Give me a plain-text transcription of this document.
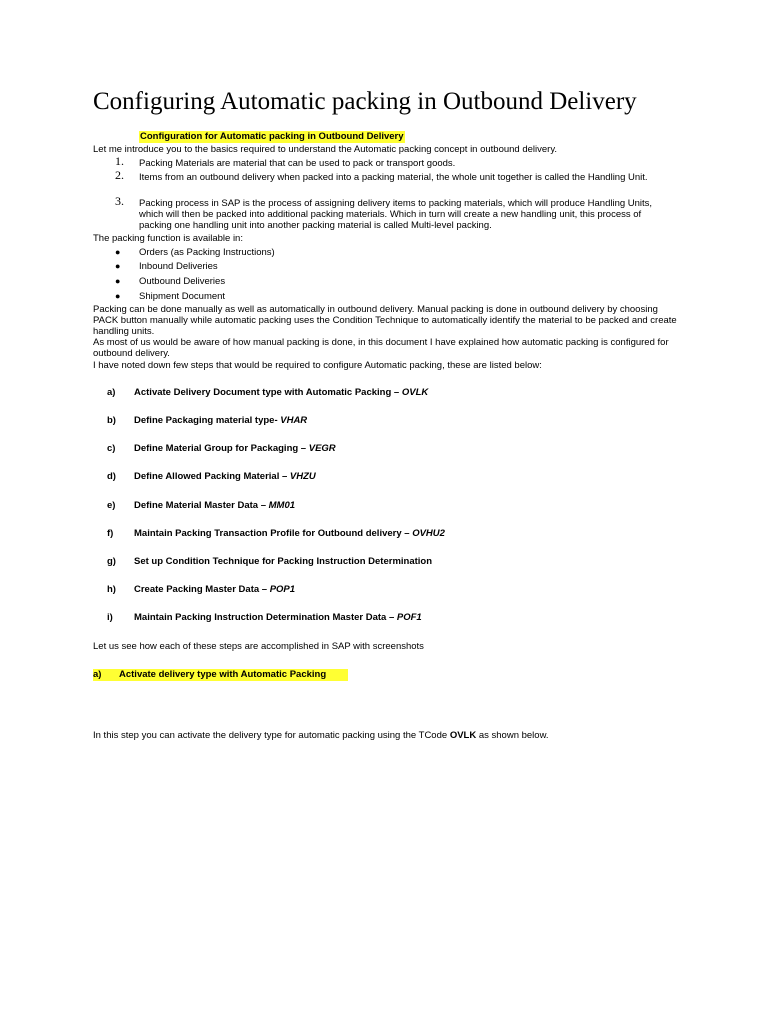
Configuring Automatic packing in Outbound Delivery
Configuration for Automatic packing in Outbound Delivery
Let me introduce you to the basics required to understand the Automatic packing concept in outbound delivery.
1. Packing Materials are material that can be used to pack or transport goods.
2. Items from an outbound delivery when packed into a packing material, the whole unit together is called the Handling Unit.
3. Packing process in SAP is the process of assigning delivery items to packing materials, which will produce Handling Units, which will then be packed into additional packing materials. Which in turn will create a new handling unit, this process of packing one handling unit into another packing material is called Multi-level packing.
The packing function is available in:
● Orders (as Packing Instructions)
● Inbound Deliveries
● Outbound Deliveries
● Shipment Document
Packing can be done manually as well as automatically in outbound delivery. Manual packing is done in outbound delivery by choosing PACK button manually while automatic packing uses the Condition Technique to automatically identify the material to be packed and create handling units.
As most of us would be aware of how manual packing is done, in this document I have explained how automatic packing is configured for outbound delivery.
I have noted down few steps that would be required to configure Automatic packing, these are listed below:
a) Activate Delivery Document type with Automatic Packing – OVLK
b) Define Packaging material type- VHAR
c) Define Material Group for Packaging – VEGR
d) Define Allowed Packing Material – VHZU
e) Define Material Master Data – MM01
f) Maintain Packing Transaction Profile for Outbound delivery – OVHU2
g) Set up Condition Technique for Packing Instruction Determination
h) Create Packing Master Data – POP1
i) Maintain Packing Instruction Determination Master Data – POF1
Let us see how each of these steps are accomplished in SAP with screenshots
a) Activate delivery type with Automatic Packing
In this step you can activate the delivery type for automatic packing using the TCode OVLK as shown below.
